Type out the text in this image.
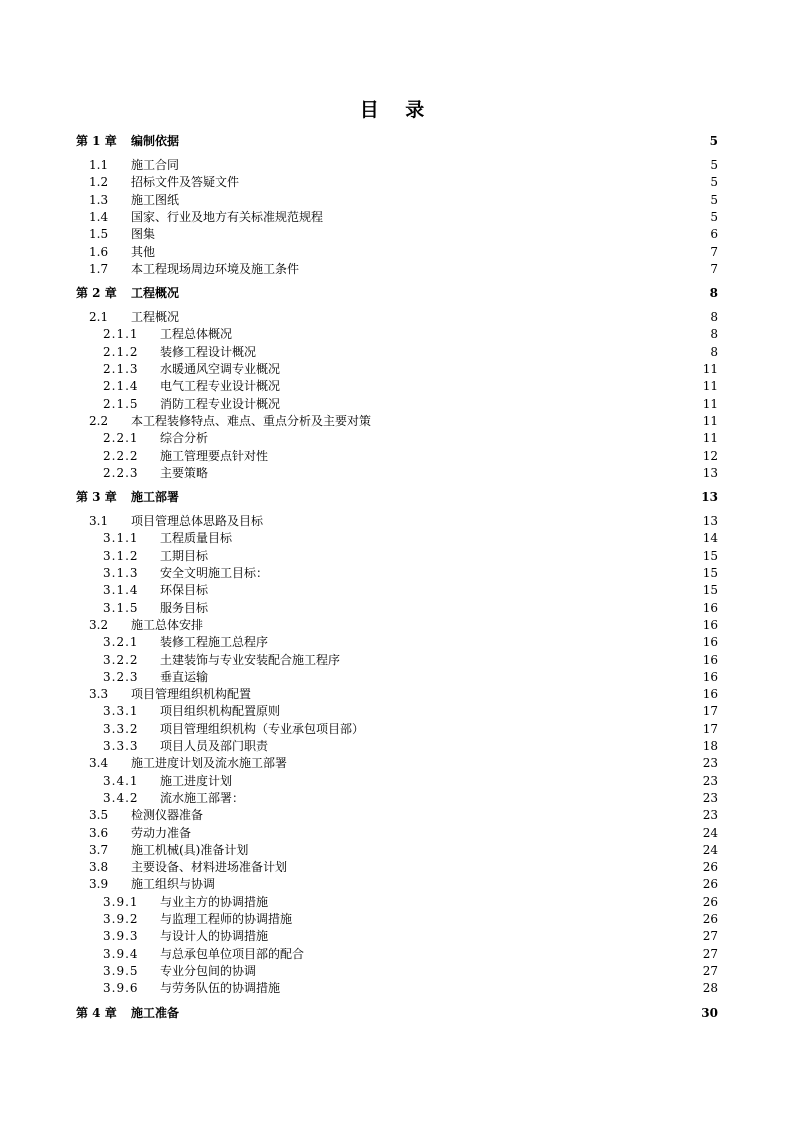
目 录
第 1 章 编制依据	5
1.1 施工合同	5
1.2 招标文件及答疑文件	5
1.3 施工图纸	5
1.4 国家、行业及地方有关标准规范规程	5
1.5 图集	6
1.6 其他	7
1.7 本工程现场周边环境及施工条件	7
第 2 章 工程概况	8
2.1 工程概况	8
2.1.1 工程总体概况	8
2.1.2 装修工程设计概况	8
2.1.3 水暖通风空调专业概况	11
2.1.4 电气工程专业设计概况	11
2.1.5 消防工程专业设计概况	11
2.2 本工程装修特点、难点、重点分析及主要对策	11
2.2.1 综合分析	11
2.2.2 施工管理要点针对性	12
2.2.3 主要策略	13
第 3 章 施工部署	13
3.1 项目管理总体思路及目标	13
3.1.1 工程质量目标	14
3.1.2 工期目标	15
3.1.3 安全文明施工目标：	15
3.1.4 环保目标	15
3.1.5 服务目标	16
3.2 施工总体安排	16
3.2.1 装修工程施工总程序	16
3.2.2 土建装饰与专业安装配合施工程序	16
3.2.3 垂直运输	16
3.3 项目管理组织机构配置	16
3.3.1 项目组织机构配置原则	17
3.3.2 项目管理组织机构（专业承包项目部）	17
3.3.3 项目人员及部门职责	18
3.4 施工进度计划及流水施工部署	23
3.4.1 施工进度计划	23
3.4.2 流水施工部署：	23
3.5 检测仪器准备	23
3.6 劳动力准备	24
3.7 施工机械(具)准备计划	24
3.8 主要设备、材料进场准备计划	26
3.9 施工组织与协调	26
3.9.1 与业主方的协调措施	26
3.9.2 与监理工程师的协调措施	26
3.9.3 与设计人的协调措施	27
3.9.4 与总承包单位项目部的配合	27
3.9.5 专业分包间的协调	27
3.9.6 与劳务队伍的协调措施	28
第 4 章 施工准备	30
